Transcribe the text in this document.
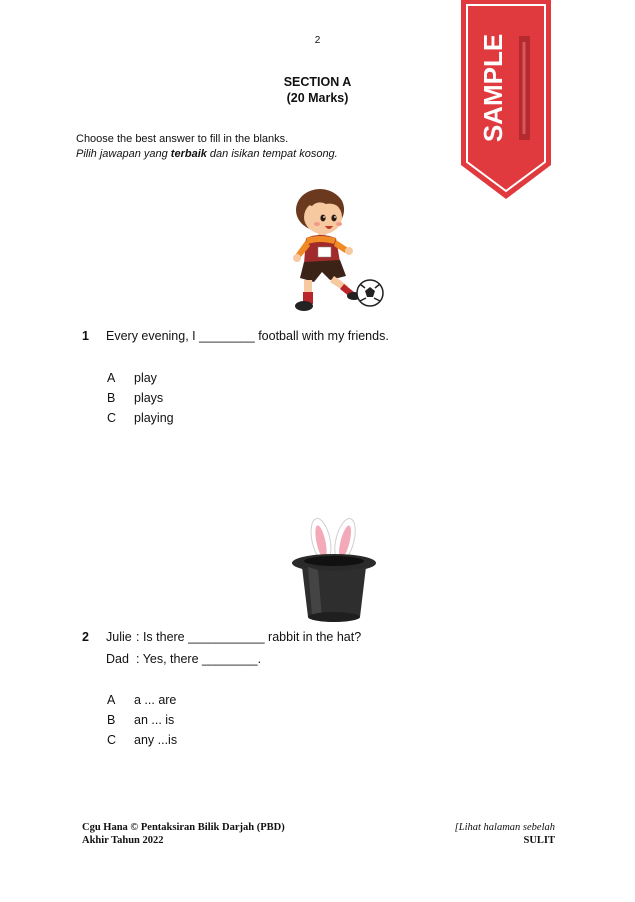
2
SECTION A
(20 Marks)
Choose the best answer to fill in the blanks.
Pilih jawapan yang terbaik dan isikan tempat kosong.
SAMPLE
1 Every evening, I ________ football with my friends.
A play
B plays
C playing
2 Julie : Is there ___________ rabbit in the hat?
Dad : Yes, there ________.
A a ... are
B an ... is
C any ...is
Cgu Hana © Pentaksiran Bilik Darjah (PBD)
Akhir Tahun 2022
[Lihat halaman sebelah
SULIT
